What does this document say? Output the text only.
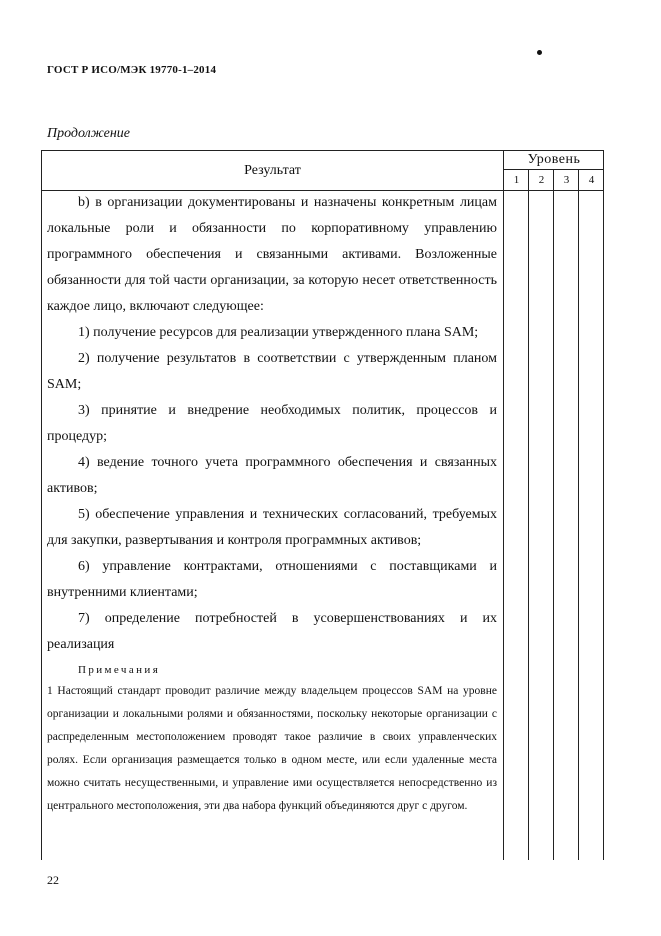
ГОСТ Р ИСО/МЭК 19770-1–2014
Продолжение
Результат
Уровень
1	2	3	4

b) в организации документированы и назначены конкретным лицам локальные роли и обязанности по корпоративному управлению программного обеспечения и связанными активами. Возложенные обязанности для той части организации, за которую несет ответственность каждое лицо, включают следующее:

1) получение ресурсов для реализации утвержденного плана SAM;

2) получение результатов в соответствии с утвержденным планом SAM;

3) принятие и внедрение необходимых политик, процессов и процедур;

4) ведение точного учета программного обеспечения и связанных активов;

5) обеспечение управления и технических согласований, требуемых для закупки, развертывания и контроля программных активов;

6) управление контрактами, отношениями с поставщиками и внутренними клиентами;

7) определение потребностей в усовершенствованиях и их реализация

Примечания

1 Настоящий стандарт проводит различие между владельцем процессов SAM на уровне организации и локальными ролями и обязанностями, поскольку некоторые организации с распределенным местоположением проводят такое различие в своих управленческих ролях. Если организация размещается только в одном месте, или если удаленные места можно считать несущественными, и управление ими осуществляется непосредственно из центрального местоположения, эти два набора функций объединяются друг с другом.

22
